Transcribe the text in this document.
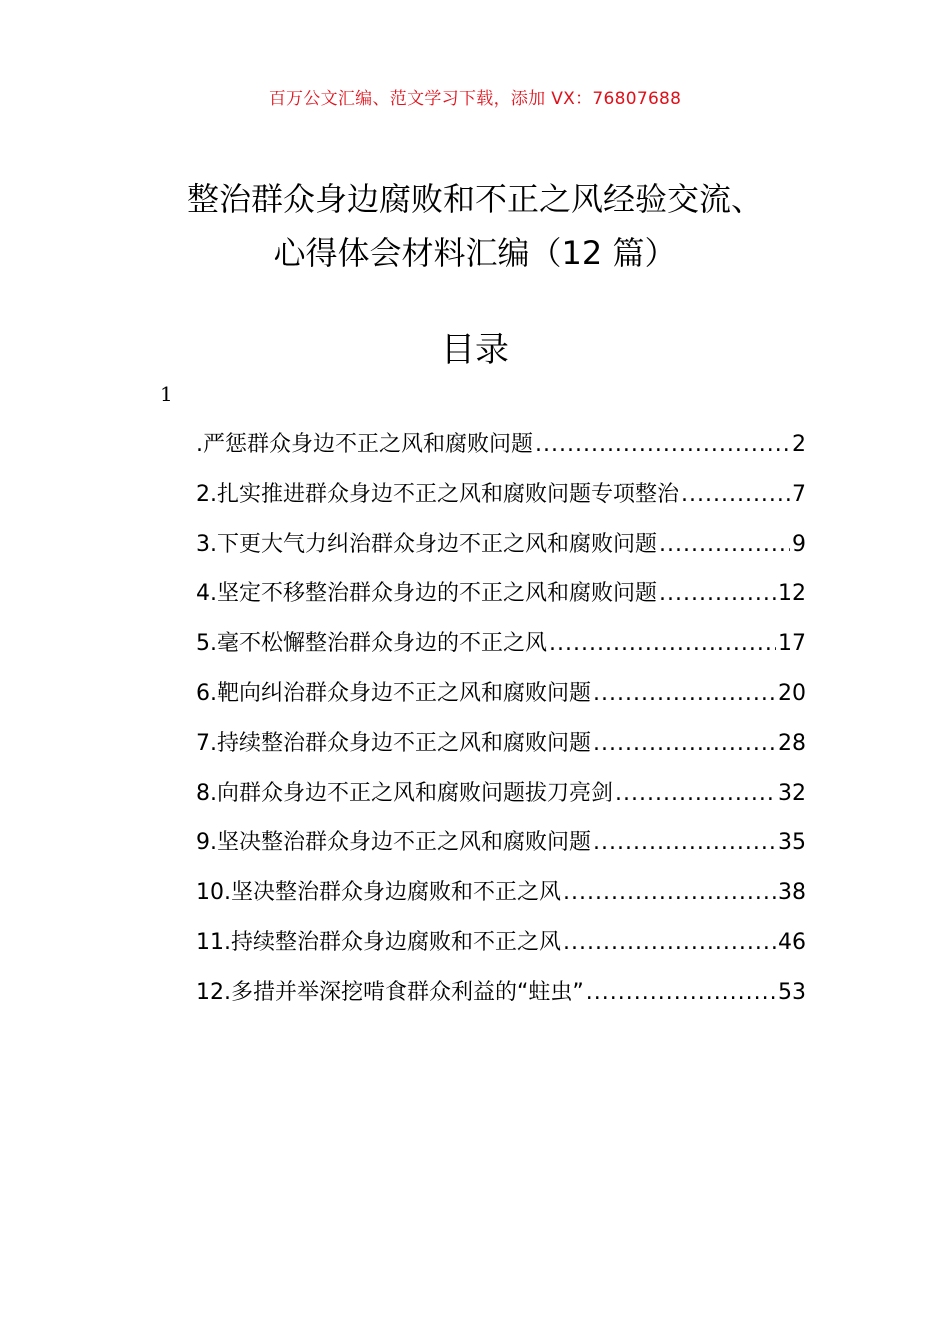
百万公文汇编、范文学习下载，添加 VX：76807688
整治群众身边腐败和不正之风经验交流、
心得体会材料汇编（12 篇）
目录
1
.严惩群众身边不正之风和腐败问题 .....	2
2.扎实推进群众身边不正之风和腐败问题专项整治 .....	7
3.下更大气力纠治群众身边不正之风和腐败问题 .....	9
4.坚定不移整治群众身边的不正之风和腐败问题 .....	12
5.毫不松懈整治群众身边的不正之风 .....	17
6.靶向纠治群众身边不正之风和腐败问题 .....	20
7.持续整治群众身边不正之风和腐败问题 .....	28
8.向群众身边不正之风和腐败问题拔刀亮剑 .....	32
9.坚决整治群众身边不正之风和腐败问题 .....	35
10.坚决整治群众身边腐败和不正之风 .....	38
11.持续整治群众身边腐败和不正之风 .....	46
12.多措并举深挖啃食群众利益的“蛀虫” .....	53
